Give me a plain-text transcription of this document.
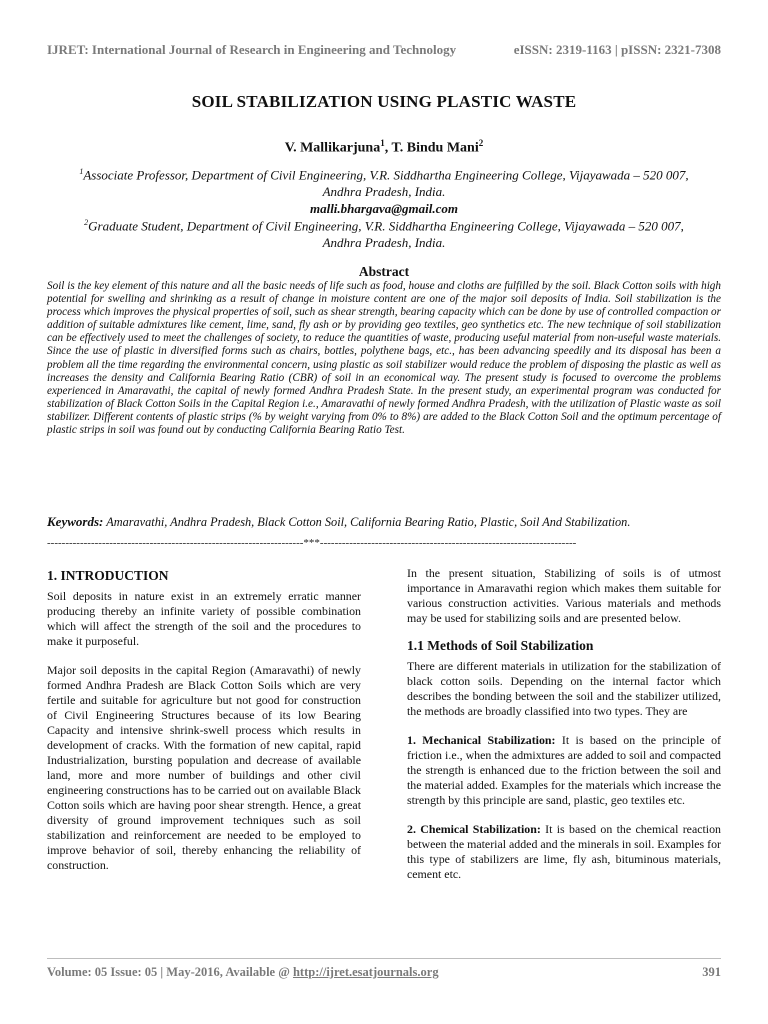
IJRET: International Journal of Research in Engineering and Technology	eISSN: 2319-1163 | pISSN: 2321-7308
SOIL STABILIZATION USING PLASTIC WASTE
V. Mallikarjuna$^1$, T. Bindu Mani$^2$
$^1$Associate Professor, Department of Civil Engineering, V.R. Siddhartha Engineering College, Vijayawada – 520 007,
Andhra Pradesh, India.
malli.bhargava@gmail.com
$^2$Graduate Student, Department of Civil Engineering, V.R. Siddhartha Engineering College, Vijayawada – 520 007,
Andhra Pradesh, India.
Abstract

Soil is the key element of this nature and all the basic needs of life such as food, house and cloths are fulfilled by the soil. Black Cotton soils with high potential for swelling and shrinking as a result of change in moisture content are one of the major soil deposits of India. Soil stabilization is the process which improves the physical properties of soil, such as shear strength, bearing capacity which can be done by use of controlled compaction or addition of suitable admixtures like cement, lime, sand, fly ash or by providing geo textiles, geo synthetics etc. The new technique of soil stabilization can be effectively used to meet the challenges of society, to reduce the quantities of waste, producing useful material from non-useful waste materials. Since the use of plastic in diversified forms such as chairs, bottles, polythene bags, etc., has been advancing speedily and its disposal has been a problem all the time regarding the environmental concern, using plastic as soil stabilizer would reduce the problem of disposing the plastic as well as increases the density and California Bearing Ratio (CBR) of soil in an economical way. The present study is focused to overcome the problems experienced in Amaravathi, the capital of newly formed Andhra Pradesh State. In the present study, an experimental program was conducted for stabilization of Black Cotton Soils in the Capital Region i.e., Amaravathi of newly formed Andhra Pradesh, with the utilization of Plastic waste as soil stabilizer. Different contents of plastic strips (% by weight varying from 0% to 8%) are added to the Black Cotton Soil and the optimum percentage of plastic strips in soil was found out by conducting California Bearing Ratio Test.

Keywords: Amaravathi, Andhra Pradesh, Black Cotton Soil, California Bearing Ratio, Plastic, Soil And Stabilization.
----------------------------------------------------------------------***----------------------------------------------------------------------
1. INTRODUCTION

Soil deposits in nature exist in an extremely erratic manner producing thereby an infinite variety of possible combination which will affect the strength of the soil and the procedures to make it purposeful.

Major soil deposits in the capital Region (Amaravathi) of newly formed Andhra Pradesh are Black Cotton Soils which are very fertile and suitable for agriculture but not good for construction of Civil Engineering Structures because of its low Bearing Capacity and intensive shrink-swell process which results in development of cracks. With the formation of new capital, rapid Industrialization, bursting population and decrease of available land, more and more number of buildings and other civil engineering constructions has to be carried out on available Black Cotton soils which are having poor shear strength. Hence, a great diversity of ground improvement techniques such as soil stabilization and reinforcement are needed to be employed to improve behavior of soil, thereby enhancing the reliability of construction.

In the present situation, Stabilizing of soils is of utmost importance in Amaravathi region which makes them suitable for various construction activities. Various materials and methods may be used for stabilizing soils and are presented below.

1.1 Methods of Soil Stabilization

There are different materials in utilization for the stabilization of black cotton soils. Depending on the internal factor which describes the bonding between the soil and the stabilizer utilized, the methods are broadly classified into two types. They are

1. Mechanical Stabilization: It is based on the principle of friction i.e., when the admixtures are added to soil and compacted the strength is enhanced due to the friction between the soil and the material added. Examples for the materials which increase the strength by this principle are sand, plastic, geo textiles etc.

2. Chemical Stabilization: It is based on the chemical reaction between the material added and the minerals in soil. Examples for this type of stabilizers are lime, fly ash, bituminous materials, cement etc.

Volume: 05 Issue: 05 | May-2016, Available @ http://ijret.esatjournals.org	391
